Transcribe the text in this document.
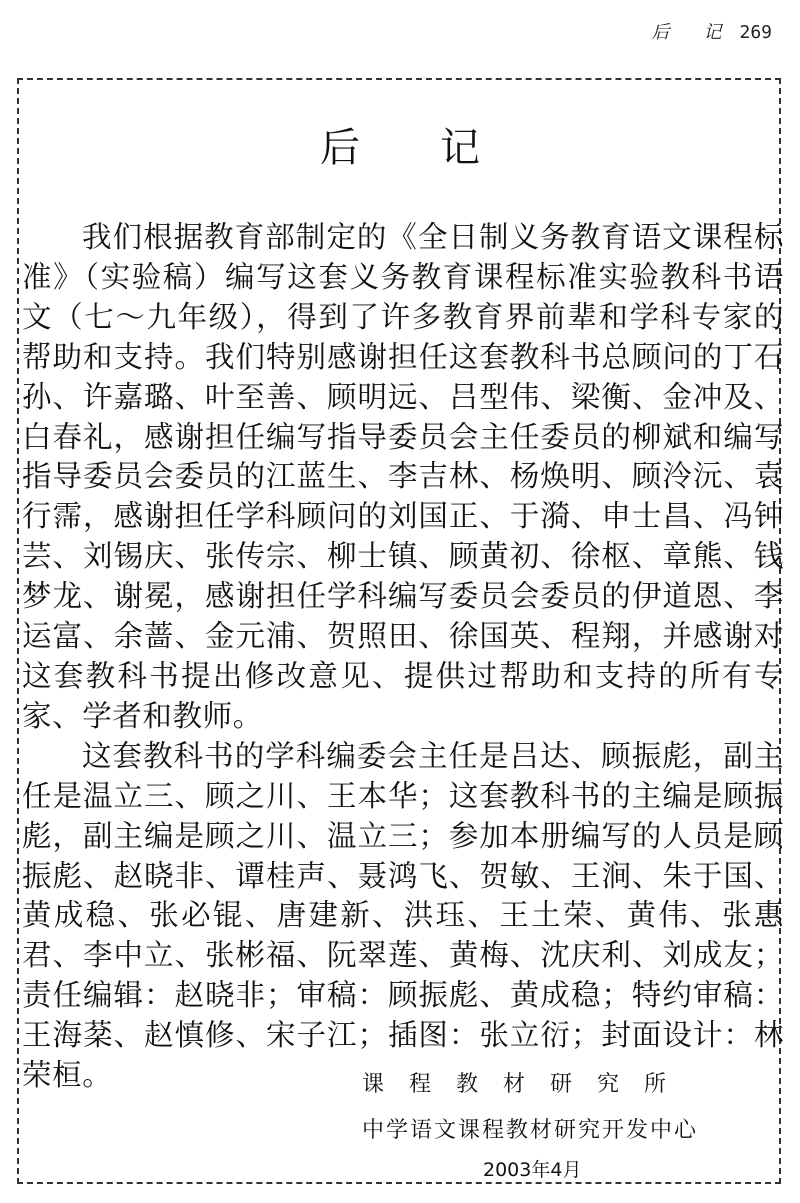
后 记 269
后 记

我们根据教育部制定的《全日制义务教育语文课程标准》（实验稿）编写这套义务教育课程标准实验教科书语文（七～九年级），得到了许多教育界前辈和学科专家的帮助和支持。我们特别感谢担任这套教科书总顾问的丁石孙、许嘉璐、叶至善、顾明远、吕型伟、梁衡、金冲及、白春礼，感谢担任编写指导委员会主任委员的柳斌和编写指导委员会委员的江蓝生、李吉林、杨焕明、顾泠沅、袁行霈，感谢担任学科顾问的刘国正、于漪、申士昌、冯钟芸、刘锡庆、张传宗、柳士镇、顾黄初、徐枢、章熊、钱梦龙、谢冕，感谢担任学科编写委员会委员的伊道恩、李运富、余蔷、金元浦、贺照田、徐国英、程翔，并感谢对这套教科书提出修改意见、提供过帮助和支持的所有专家、学者和教师。

这套教科书的学科编委会主任是吕达、顾振彪，副主任是温立三、顾之川、王本华；这套教科书的主编是顾振彪，副主编是顾之川、温立三；参加本册编写的人员是顾振彪、赵晓非、谭桂声、聂鸿飞、贺敏、王涧、朱于国、黄成稳、张必锟、唐建新、洪珏、王土荣、黄伟、张惠君、李中立、张彬福、阮翠莲、黄梅、沈庆利、刘成友；责任编辑：赵晓非；审稿：顾振彪、黄成稳；特约审稿：王海棻、赵慎修、宋子江；插图：张立衍；封面设计：林荣桓。	课程教材研究所
中学语文课程教材研究开发中心
2003年4月
